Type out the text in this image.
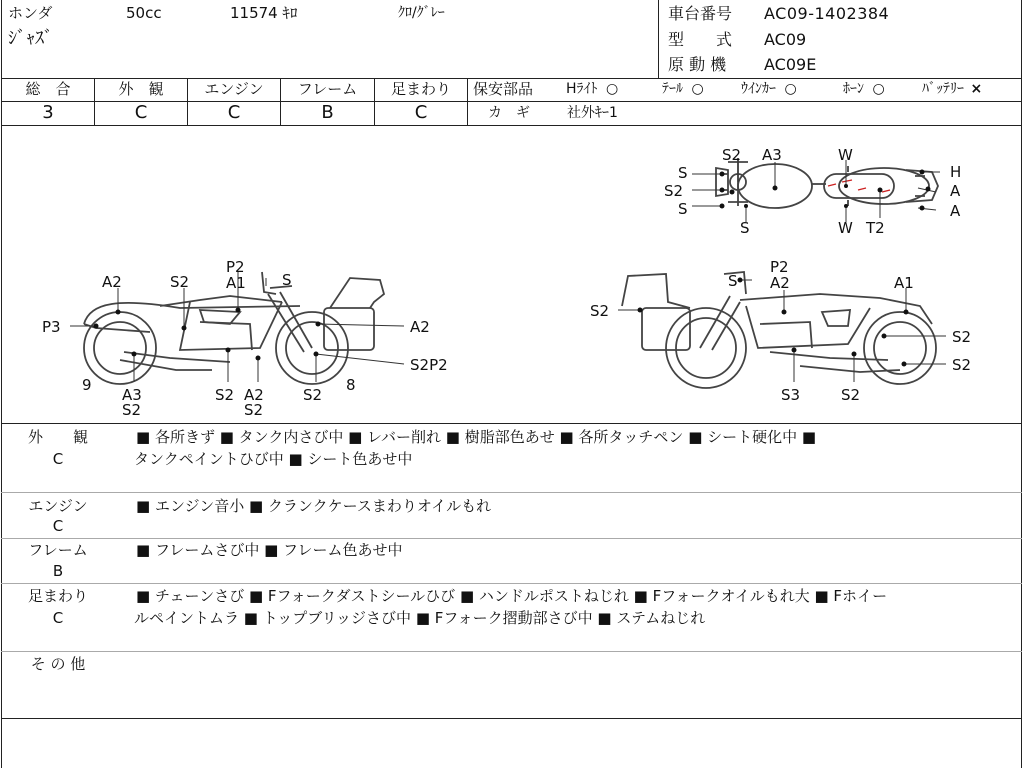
ホンダ	50cc	11574 ｷﾛ	ｸﾛ/ｸﾞﾚｰ
ｼﾞｬｽﾞ
車台番号 AC09-1402384
型　　式 AC09
原 動 機 AC09E
総　合	外　観	エンジン	フレーム	足まわり
3	C	C	B	C
保安部品 Hﾗｲﾄ ○	ﾃｰﾙ ○	ｳｲﾝｶｰ ○	ﾎｰﾝ ○	ﾊﾞｯﾃﾘｰ ×
カ　ギ	社外ｷｰ1
S2 A3	W
H
A
A
S
S2
S
S	W T2
P2
A1 S
A2	S2
P3	A2
S2P2
9
A3
S2
S2 A2
S2
S2
8
S
P2
A2	A1
S2
S2
S2
S3	S2
外　　観
C
■ 各所きず ■ タンク内さび中 ■ レバー削れ ■ 樹脂部色あせ ■ 各所タッチペン ■ シート硬化中 ■
タンクペイントひび中 ■ シート色あせ中
エンジン
C
■ エンジン音小 ■ クランクケースまわりオイルもれ
フレーム
B
■ フレームさび中 ■ フレーム色あせ中
足まわり
C
■ チェーンさび ■ Fフォークダストシールひび ■ ハンドルポストねじれ ■ Fフォークオイルもれ大 ■ Fホイー
ルペイントムラ ■ トップブリッジさび中 ■ Fフォーク摺動部さび中 ■ ステムねじれ
そ の 他
